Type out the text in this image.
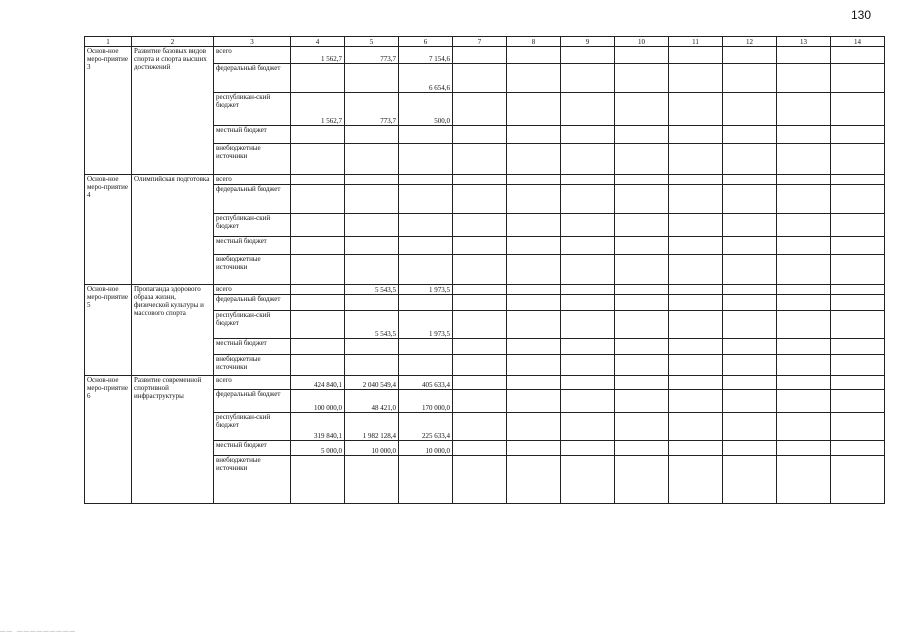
130
1	2	3	4	5	6	7	8	9	10	11	12	13	14
Основ-ное меро-приятие 3	Развитие базовых видов спорта и спорта высших достижений	всего	1 562,7	773,7	7 154,6								
		федеральный бюджет			6 654,6								
		республикан-ский бюджет	1 562,7	773,7	500,0								
		местный бюджет											
		внебюджетные источники											
Основ-ное меро-приятие 4	Олимпийская подготовка	всего											
		федеральный бюджет											
		республикан-ский бюджет											
		местный бюджет											
		внебюджетные источники											
Основ-ное меро-приятие 5	Пропаганда здорового образа жизни, физической культуры и массового спорта	всего		5 543,5	1 973,5								
		федеральный бюджет											
		республикан-ский бюджет		5 543,5	1 973,5								
		местный бюджет											
		внебюджетные источники											
Основ-ное меро-приятие 6	Развитие современной спортивной инфраструктуры	всего	424 840,1	2 040 549,4	405 633,4								
		федеральный бюджет	100 000,0	48 421,0	170 000,0								
		республикан-ский бюджет	319 840,1	1 982 128,4	225 633,4								
		местный бюджет	5 000,0	10 000,0	10 000,0								
		внебюджетные источники											
‒‒ ‒‒‒‒‒‒‒‒‒
